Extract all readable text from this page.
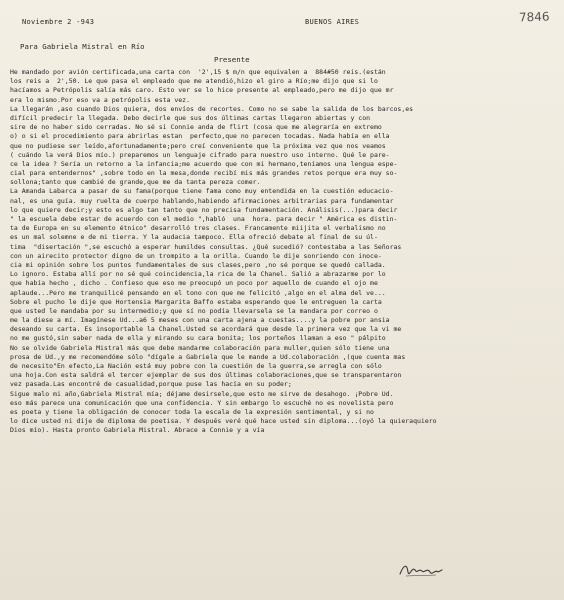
7846
Noviembre 2 -943	BUENOS AIRES
Para Gabriela Mistral en Río
Presente
He mandado por avión certificada,una carta con  '2',15 $ m/n que equivalen a  884#50 reis.(están
los reis a  2',50. Le que pasa el empleado que me atendió,hizo el giro a Río;me dijo que si lo
hacíamos a Petrópolis salía más caro. Esto ver se lo hice presente al empleado,pero me dijo que mr
era lo mismo.Por eso va a petrópolis esta vez.
La llegarán ,aso cuando Dios quiera, dos envíos de recortes. Como no se sabe la salida de los barcos,es
difícil predecir la llegada. Debo decirle que sus dos últimas cartas llegaron abiertas y con
sire de no haber sido cerradas. No sé si Connie anda de flirt (cosa que me alegraría en extremo
o) o si el procedimiento para abrirlas estan  perfecto,que no parecen tocadas. Nada había en ella
que no pudiese ser leído,afortunadamente;pero creí conveniente que la próxima vez que nos veamos
( cuándo la verá Dios mío.) preparemos un lenguaje cifrado para nuestro uso interno. Qué le pare-
ce la idea ? Sería un retorno a la infancia;me acuerdo que con mi hermano,teníamos una lengua espe-
cial para entendernos" ,sobre todo en la mesa,donde recibí mis más grandes retos porque era muy so-
sollona;tanto que cambié de grande,que me da tanta pereza comer.
La Amanda Labarca a pasar de su fama(porque tiene fama como muy entendida en la cuestión educacio-
nal, es una guía. muy ruelta de cuerpo hablando,habiendo afirmaciones arbitrarias para fundamentar
lo que quiere decir;y esto es algo tan tanto que no precisa fundamentación. Análisis(...)para decir
" la escuela debe estar de acuerdo con el medio ",habló  una  hora. para decir " América es distin-
ta de Europa en su elemento étnico" desarrolló tres clases. Francamente miijita el verbalismo no
es un mal solemne e de mi tierra. Y la audacia tampoco. Ella ofreció debate al final de su úl-
tima  "disertación ",se escuchó a esperar humildes consultas. ¿Qué sucedió? contestaba a las Señoras
con un airecito protector digno de un trompito a la orilla. Cuando le dije sonriendo con inoce-
cia mi opinión sobre los puntos fundamentales de sus clases,pero ,no sé porque se quedó callada.
Lo ignoro. Estaba allí por no sé qué coincidencia,la rica de la Chanel. Salió a abrazarme por lo
que había hecho , dicho . Confieso que eso me preocupó un poco por aquello de cuando el ojo me
aplaude...Pero me tranquilicé pensando en el tono con que me felicitó ,algo en el alma del ve...
Sobre el pucho le dije que Hortensia Margarita Baffo estaba esperando que le entreguen la carta
que usted le mandaba por su intermedio;y que sí no podía llevarsela se la mandara por correo o
me la diese a mí. Imagínese Ud...a6 5 meses con una carta ajena a cuestas....y la pobre por ansia
deseando su carta. Es insoportable la Chanel.Usted se acordará que desde la primera vez que la vi me
no me gustó,sin saber nada de ella y mirando su cara bonita; los porteños llaman a eso " pálpito
No se olvide Gabriela Mistral más que debe mandarme colaboración para muller,quien sólo tiene una
prosa de Ud.,y me recomendóme sólo "dígale a Gabriela que le mande a Ud.colaboración ,(que cuenta mas
de necesito"En efecto,La Nación está muy pobre con la cuestión de la guerra,se arregla con sólo
una hoja.Con esta saldrá el tercer ejemplar de sus dos últimas colaboraciones,que se transparentaron
vez pasada.Las encontré de casualidad,porque puse las hacía en su poder;
Sigue malo mi año,Gabriela Mistral mía; déjame desirsele,que esto me sirve de desahogo. ¡Pobre Ud.
eso más parece una comunicación que una confidencia. Y sin embargo lo escuché no es novelista pero
es poeta y tiene la obligación de conocer toda la escala de la expresión sentimental, y si no
lo dice usted ni dije de diploma de poetisa. Y después veré qué hace usted sin diploma...(oyó la quieraquiero
Dios mío). Hasta pronto Gabriela Mistral. Abrace a Connie y a vía
